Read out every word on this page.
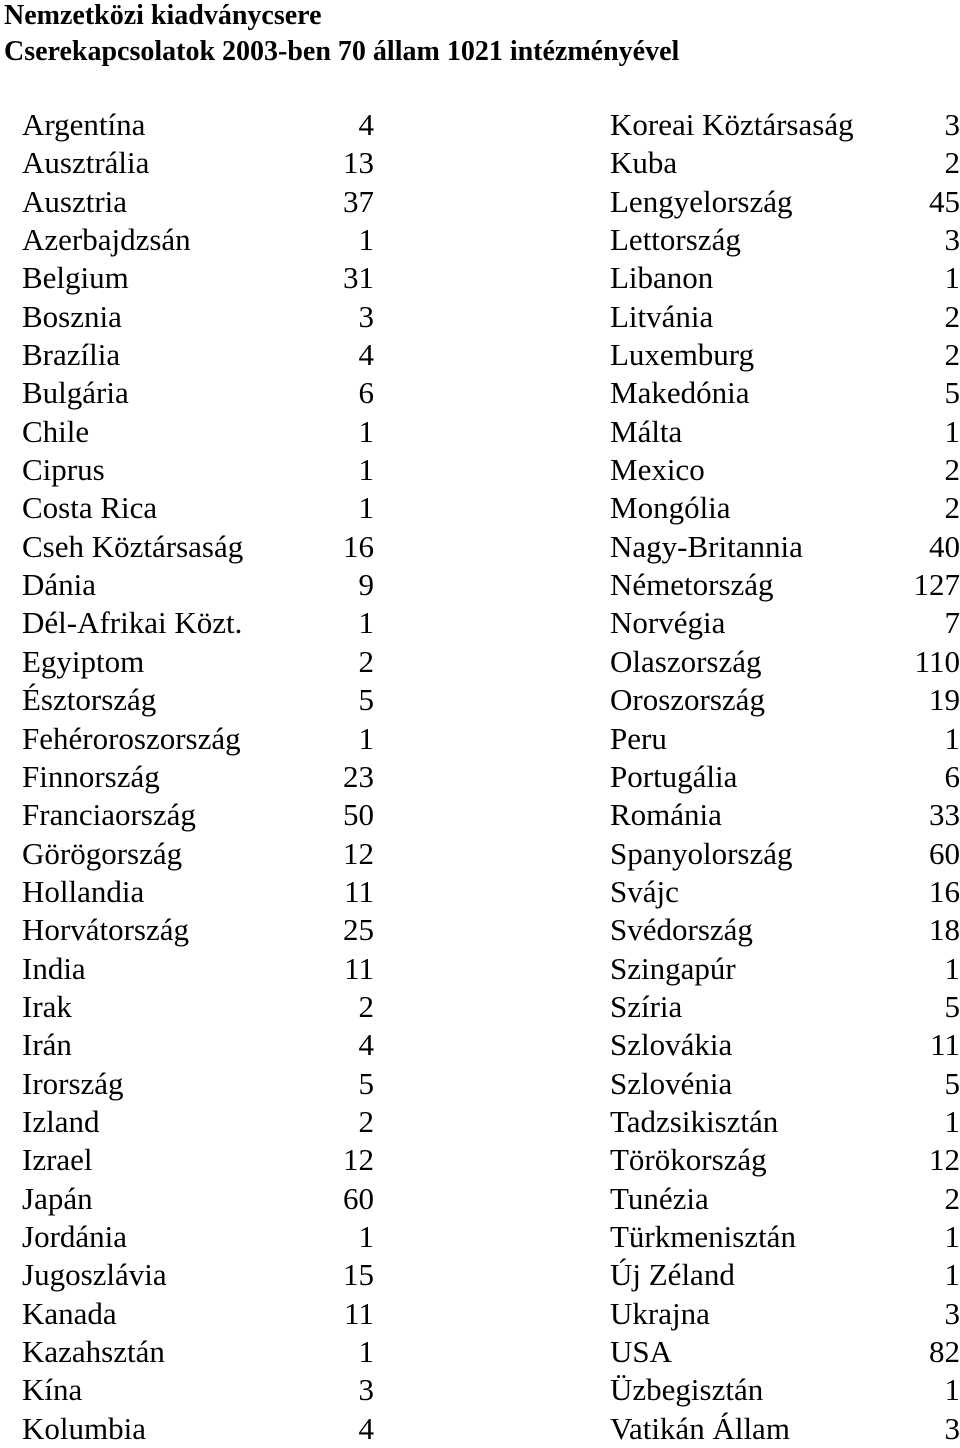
Nemzetközi kiadványcsere
Cserekapcsolatok 2003-ben 70 állam 1021 intézményével
Argentína	4
Ausztrália	13
Ausztria	37
Azerbajdzsán	1
Belgium	31
Bosznia	3
Brazília	4
Bulgária	6
Chile	1
Ciprus	1
Costa Rica	1
Cseh Köztársaság	16
Dánia	9
Dél-Afrikai Közt.	1
Egyiptom	2
Észtország	5
Fehéroroszország	1
Finnország	23
Franciaország	50
Görögország	12
Hollandia	11
Horvátország	25
India	11
Irak	2
Irán	4
Irország	5
Izland	2
Izrael	12
Japán	60
Jordánia	1
Jugoszlávia	15
Kanada	11
Kazahsztán	1
Kína	3
Kolumbia	4
Koreai Köztársaság	3
Kuba	2
Lengyelország	45
Lettország	3
Libanon	1
Litvánia	2
Luxemburg	2
Makedónia	5
Málta	1
Mexico	2
Mongólia	2
Nagy-Britannia	40
Németország	127
Norvégia	7
Olaszország	110
Oroszország	19
Peru	1
Portugália	6
Románia	33
Spanyolország	60
Svájc	16
Svédország	18
Szingapúr	1
Szíria	5
Szlovákia	11
Szlovénia	5
Tadzsikisztán	1
Törökország	12
Tunézia	2
Türkmenisztán	1
Új Zéland	1
Ukrajna	3
USA	82
Üzbegisztán	1
Vatikán Állam	3
